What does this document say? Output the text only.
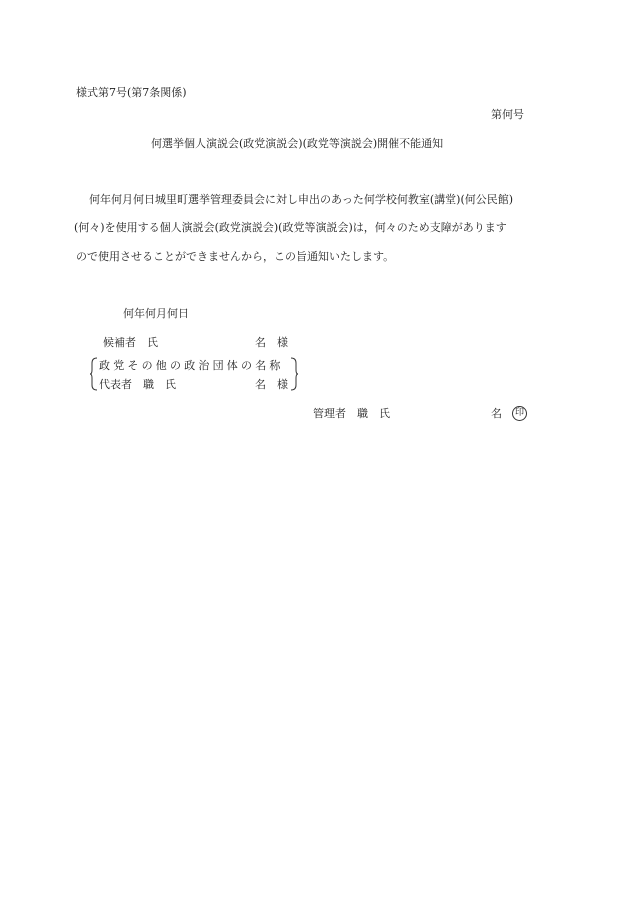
様式第7号(第7条関係)
第何号
何選挙個人演説会(政党演説会)(政党等演説会)開催不能通知
何年何月何日城里町選挙管理委員会に対し申出のあった何学校何教室(講堂)(何公民館)
(何々)を使用する個人演説会(政党演説会)(政党等演説会)は，何々のため支障があります
ので使用させることができませんから，この旨通知いたします。
何年何月何日
候補者　氏	名　様
政党その他の政治団体の名称
代表者　職　氏	名　様
管理者　職　氏	名	印
